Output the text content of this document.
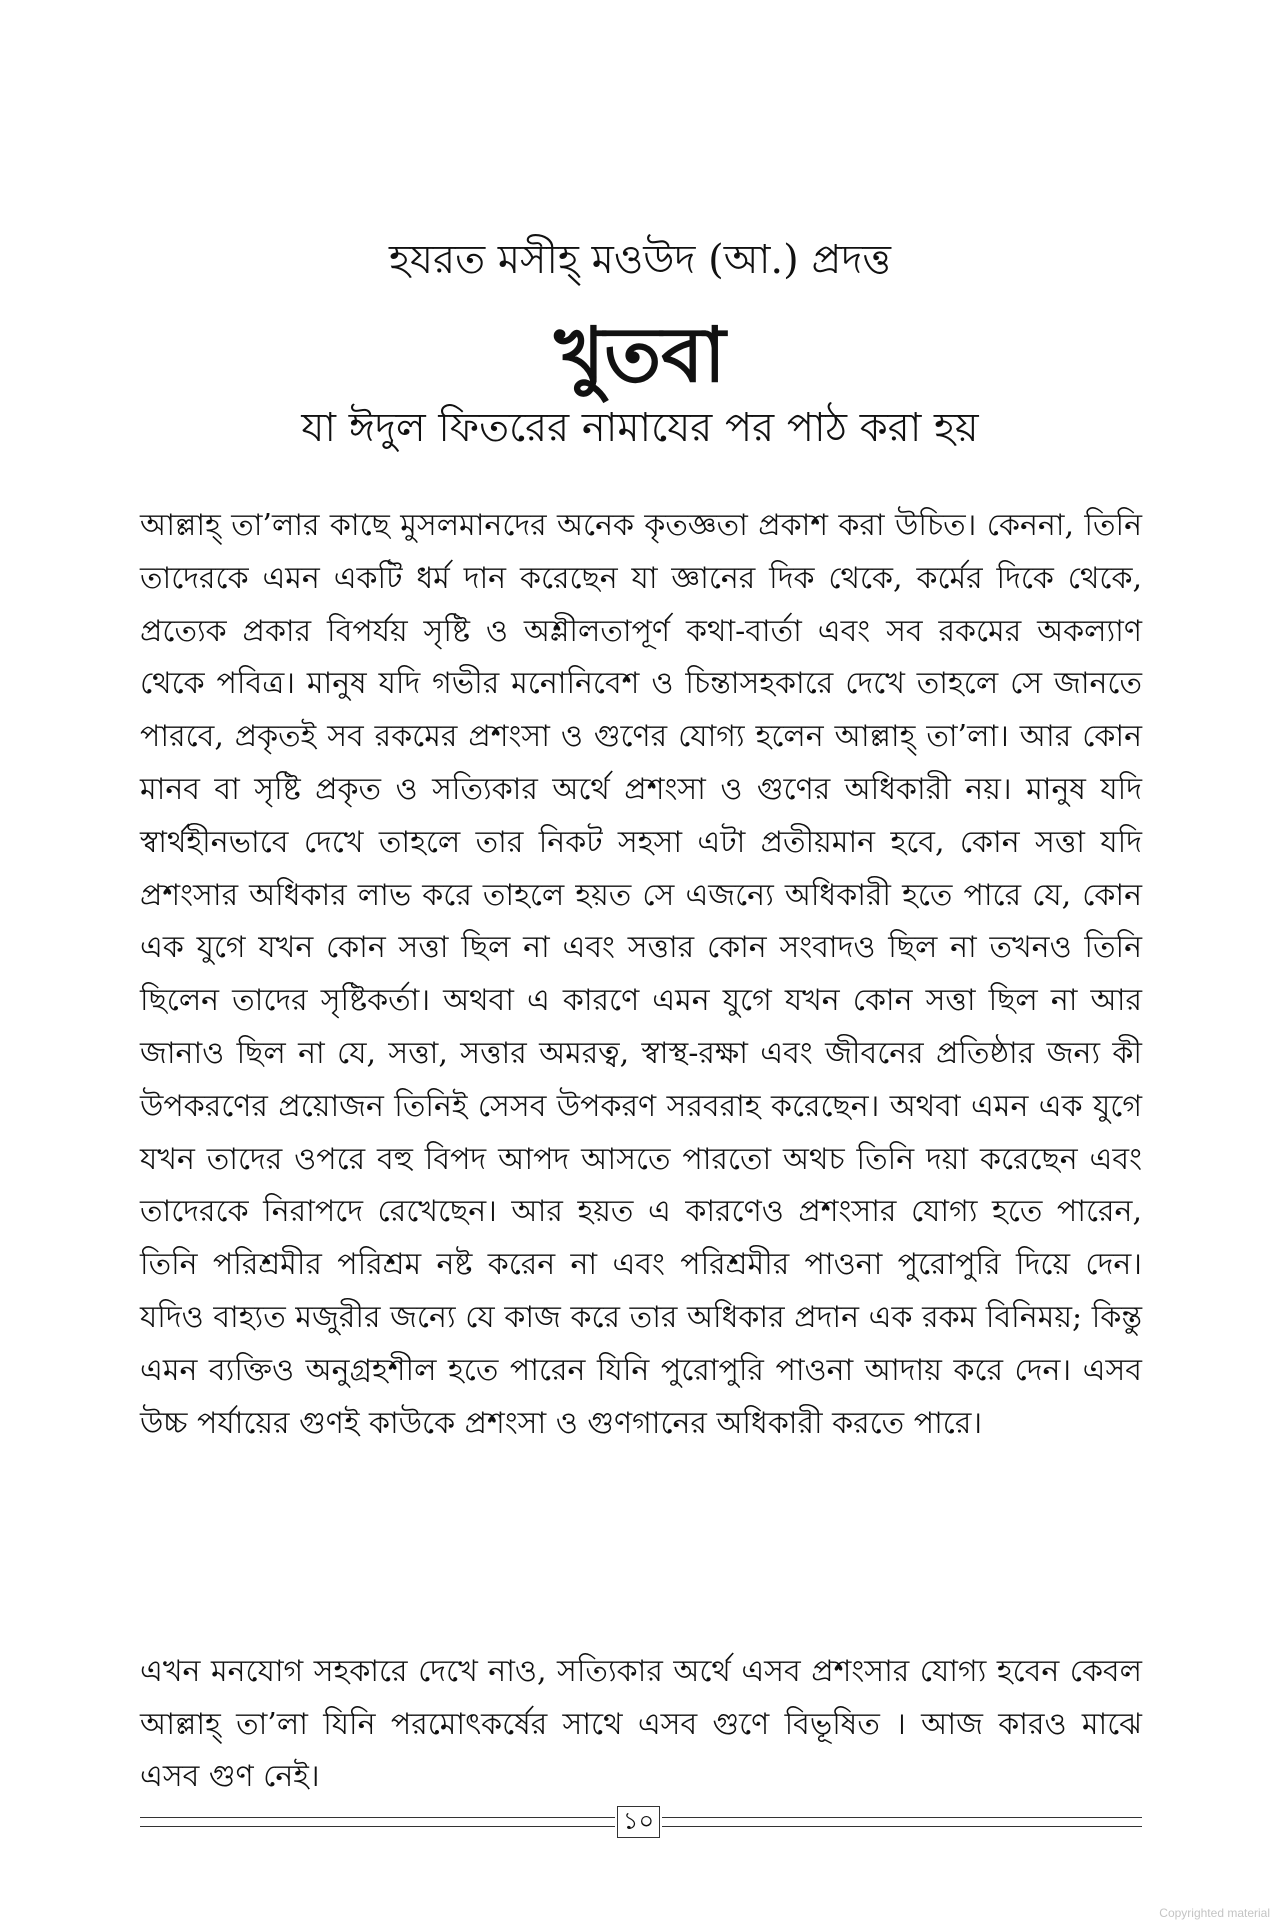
হযরত মসীহ্ মওউদ (আ.) প্রদত্ত
খুতবা
যা ঈদুল ফিতরের নামাযের পর পাঠ করা হয়

আল্লাহ্ তা’লার কাছে মুসলমানদের অনেক কৃতজ্ঞতা প্রকাশ করা উচিত। কেননা, তিনি তাদেরকে এমন একটি ধর্ম দান করেছেন যা জ্ঞানের দিক থেকে, কর্মের দিকে থেকে, প্রত্যেক প্রকার বিপর্যয় সৃষ্টি ও অশ্লীলতাপূর্ণ কথা-বার্তা এবং সব রকমের অকল্যাণ থেকে পবিত্র। মানুষ যদি গভীর মনোনিবেশ ও চিন্তাসহকারে দেখে তাহলে সে জানতে পারবে, প্রকৃতই সব রকমের প্রশংসা ও গুণের যোগ্য হলেন আল্লাহ্ তা’লা। আর কোন মানব বা সৃষ্টি প্রকৃত ও সত্যিকার অর্থে প্রশংসা ও গুণের অধিকারী নয়। মানুষ যদি স্বার্থহীনভাবে দেখে তাহলে তার নিকট সহসা এটা প্রতীয়মান হবে, কোন সত্তা যদি প্রশংসার অধিকার লাভ করে তাহলে হয়ত সে এজন্যে অধিকারী হতে পারে যে, কোন এক যুগে যখন কোন সত্তা ছিল না এবং সত্তার কোন সংবাদও ছিল না তখনও তিনি ছিলেন তাদের সৃষ্টিকর্তা। অথবা এ কারণে এমন যুগে যখন কোন সত্তা ছিল না আর জানাও ছিল না যে, সত্তা, সত্তার অমরত্ব, স্বাস্থ-রক্ষা এবং জীবনের প্রতিষ্ঠার জন্য কী উপকরণের প্রয়োজন তিনিই সেসব উপকরণ সরবরাহ করেছেন। অথবা এমন এক যুগে যখন তাদের ওপরে বহু বিপদ আপদ আসতে পারতো অথচ তিনি দয়া করেছেন এবং তাদেরকে নিরাপদে রেখেছেন। আর হয়ত এ কারণেও প্রশংসার যোগ্য হতে পারেন, তিনি পরিশ্রমীর পরিশ্রম নষ্ট করেন না এবং পরিশ্রমীর পাওনা পুরোপুরি দিয়ে দেন। যদিও বাহ্যত মজুরীর জন্যে যে কাজ করে তার অধিকার প্রদান এক রকম বিনিময়; কিন্তু এমন ব্যক্তিও অনুগ্রহশীল হতে পারেন যিনি পুরোপুরি পাওনা আদায় করে দেন। এসব উচ্চ পর্যায়ের গুণই কাউকে প্রশংসা ও গুণগানের অধিকারী করতে পারে।

এখন মনযোগ সহকারে দেখে নাও, সত্যিকার অর্থে এসব প্রশংসার যোগ্য হবেন কেবল আল্লাহ্ তা’লা যিনি পরমোৎকর্ষের সাথে এসব গুণে বিভূষিত । আজ কারও মাঝে এসব গুণ নেই।

১০
Copyrighted material
